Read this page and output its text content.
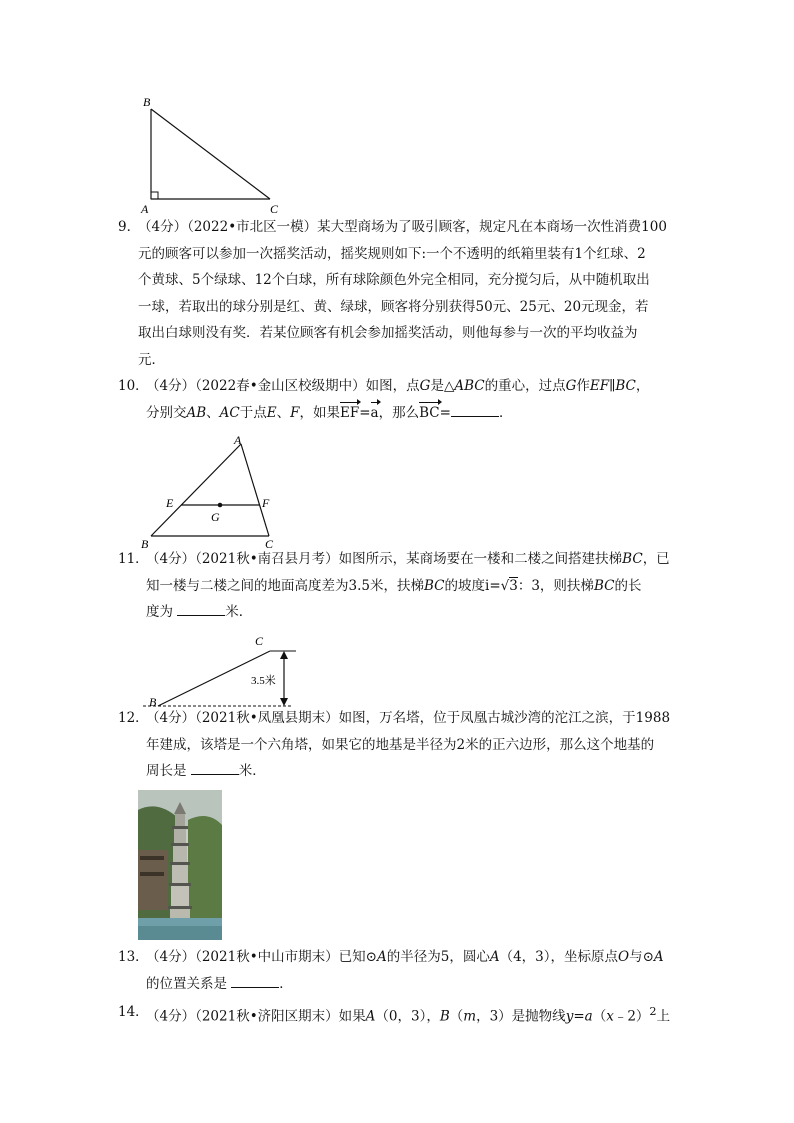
B
A	C
9．
（4分）（2022•市北区一模）某大型商场为了吸引顾客，规定凡在本商场一次性消费100
元的顾客可以参加一次摇奖活动，摇奖规则如下:一个不透明的纸箱里装有1个红球、2
个黄球、5个绿球、12个白球，所有球除颜色外完全相同，充分搅匀后，从中随机取出
一球，若取出的球分别是红、黄、绿球，顾客将分别获得50元、25元、20元现金，若
取出白球则没有奖．若某位顾客有机会参加摇奖活动，则他每参与一次的平均收益为
元．
10．
（4分）（2022春•金山区校级期中）如图，点G是△ABC的重心，过点G作EF∥BC，
分别交AB、AC于点E、F，如果EF=a，那么BC=	．
A
E	F
G
B	C
11．
（4分）（2021秋•南召县月考）如图所示，某商场要在一楼和二楼之间搭建扶梯BC，已
知一楼与二楼之间的地面高度差为3.5米，扶梯BC的坡度i=√3：3，则扶梯BC的长
度为	米．
C
B
3.5米
12．
（4分）（2021秋•凤凰县期末）如图，万名塔，位于凤凰古城沙湾的沱江之滨，于1988
年建成，该塔是一个六角塔，如果它的地基是半径为2米的正六边形，那么这个地基的
周长是	米．
13．
（4分）（2021秋•中山市期末）已知⊙A的半径为5，圆心A（4，3），坐标原点O与⊙A
的位置关系是	．
14．
（4分）（2021秋•济阳区期末）如果A（0，3），B（m，3）是抛物线y=a（x﹣2）$^2$上
